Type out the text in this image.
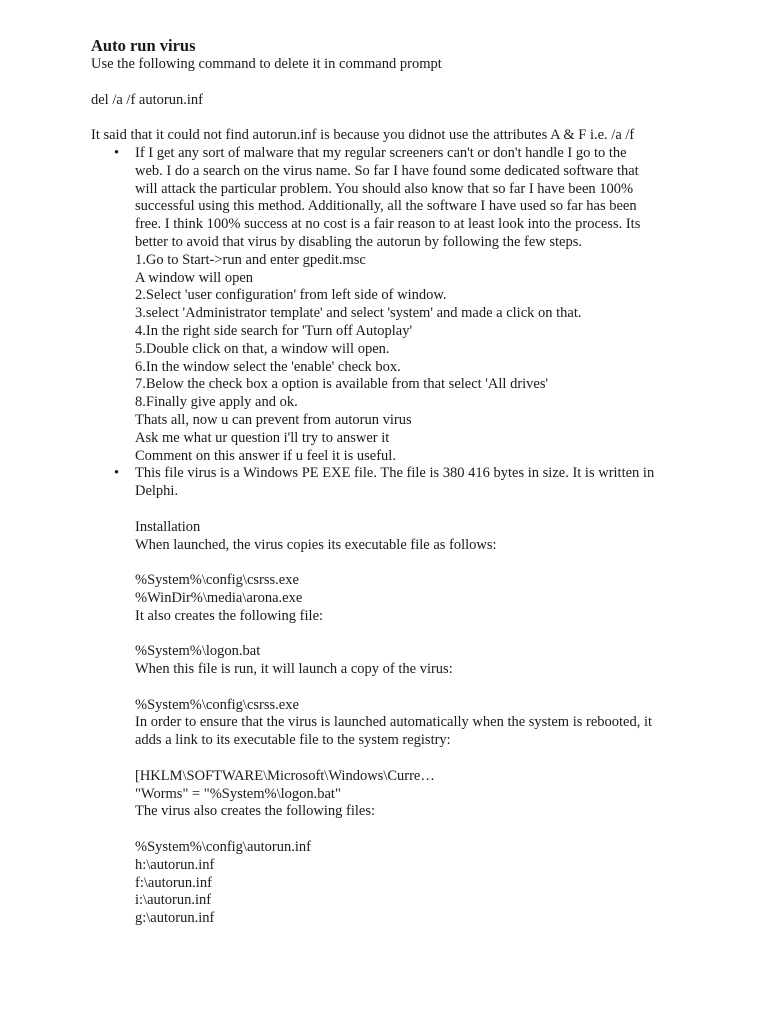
Auto run virus

Use the following command to delete it in command prompt

del /a /f autorun.inf

It said that it could not find autorun.inf is because you didnot use the attributes A & F i.e. /a /f

• If I get any sort of malware that my regular screeners can't or don't handle I go to the

web. I do a search on the virus name. So far I have found some dedicated software that

will attack the particular problem. You should also know that so far I have been 100%

successful using this method. Additionally, all the software I have used so far has been

free. I think 100% success at no cost is a fair reason to at least look into the process. Its

better to avoid that virus by disabling the autorun by following the few steps.

1.Go to Start->run and enter gpedit.msc

A window will open

2.Select 'user configuration' from left side of window.

3.select 'Administrator template' and select 'system' and made a click on that.

4.In the right side search for 'Turn off Autoplay'

5.Double click on that, a window will open.

6.In the window select the 'enable' check box.

7.Below the check box a option is available from that select 'All drives'

8.Finally give apply and ok.

Thats all, now u can prevent from autorun virus

Ask me what ur question i'll try to answer it

Comment on this answer if u feel it is useful.

• This file virus is a Windows PE EXE file. The file is 380 416 bytes in size. It is written in

Delphi.

Installation

When launched, the virus copies its executable file as follows:

%System%\config\csrss.exe

%WinDir%\media\arona.exe

It also creates the following file:

%System%\logon.bat

When this file is run, it will launch a copy of the virus:

%System%\config\csrss.exe

In order to ensure that the virus is launched automatically when the system is rebooted, it

adds a link to its executable file to the system registry:

[HKLM\SOFTWARE\Microsoft\Windows\Curre…

"Worms" = "%System%\logon.bat"

The virus also creates the following files:

%System%\config\autorun.inf

h:\autorun.inf

f:\autorun.inf

i:\autorun.inf

g:\autorun.inf
